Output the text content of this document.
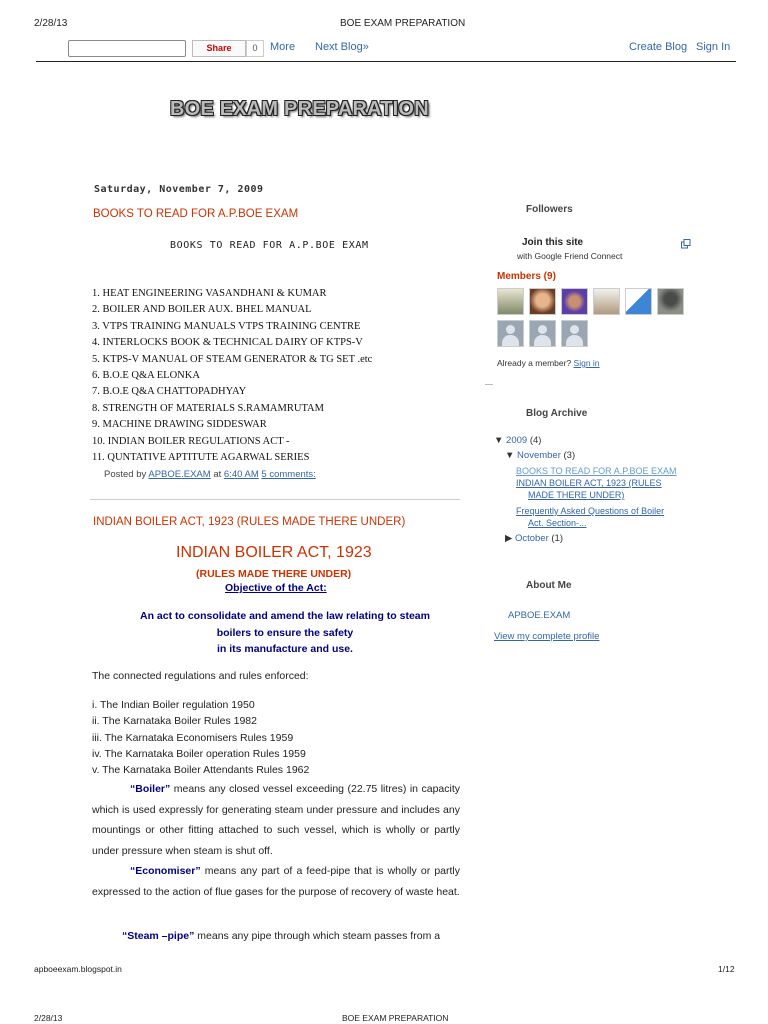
2/28/13	BOE EXAM PREPARATION
Share	0	More Next Blog»	Create Blog Sign In
BOE EXAM PREPARATION
Saturday, November 7, 2009
BOOKS TO READ FOR A.P.BOE EXAM
BOOKS TO READ FOR A.P.BOE EXAM
1. HEAT ENGINEERING VASANDHANI & KUMAR
2. BOILER AND BOILER AUX. BHEL MANUAL
3. VTPS TRAINING MANUALS VTPS TRAINING CENTRE
4. INTERLOCKS BOOK & TECHNICAL DAIRY OF KTPS-V
5. KTPS-V MANUAL OF STEAM GENERATOR & TG SET .etc
6. B.O.E Q&A ELONKA
7. B.O.E Q&A CHATTOPADHYAY
8. STRENGTH OF MATERIALS S.RAMAMRUTAM
9. MACHINE DRAWING SIDDESWAR
10. INDIAN BOILER REGULATIONS ACT -
11. QUNTATIVE APTITUTE AGARWAL SERIES
Posted by APBOE.EXAM at 6:40 AM 5 comments:
INDIAN BOILER ACT, 1923 (RULES MADE THERE UNDER)
INDIAN BOILER ACT, 1923
(RULES MADE THERE UNDER)
Objective of the Act:
An act to consolidate and amend the law relating to steam
boilers to ensure the safety
in its manufacture and use.
The connected regulations and rules enforced:
i. The Indian Boiler regulation 1950
ii. The Karnataka Boiler Rules 1982
iii. The Karnataka Economisers Rules 1959
iv. The Karnataka Boiler operation Rules 1959
v. The Karnataka Boiler Attendants Rules 1962
“Boiler” means any closed vessel exceeding (22.75 litres) in capacity which is used expressly for generating steam under pressure and includes any mountings or other fitting attached to such vessel, which is wholly or partly under pressure when steam is shut off.
“Economiser” means any part of a feed-pipe that is wholly or partly expressed to the action of flue gases for the purpose of recovery of waste heat.
“Steam –pipe” means any pipe through which steam passes from a
Followers
Join this site
with Google Friend Connect
Members (9)
Already a member? Sign in
Blog Archive
▼ 2009 (4)
▼ November (3)
BOOKS TO READ FOR A.P.BOE EXAM
INDIAN BOILER ACT, 1923 (RULES
MADE THERE UNDER)
Frequently Asked Questions of Boiler
Act. Section-...
▶ October (1)
About Me
APBOE.EXAM
View my complete profile
apboeexam.blogspot.in	1/12
2/28/13	BOE EXAM PREPARATION
